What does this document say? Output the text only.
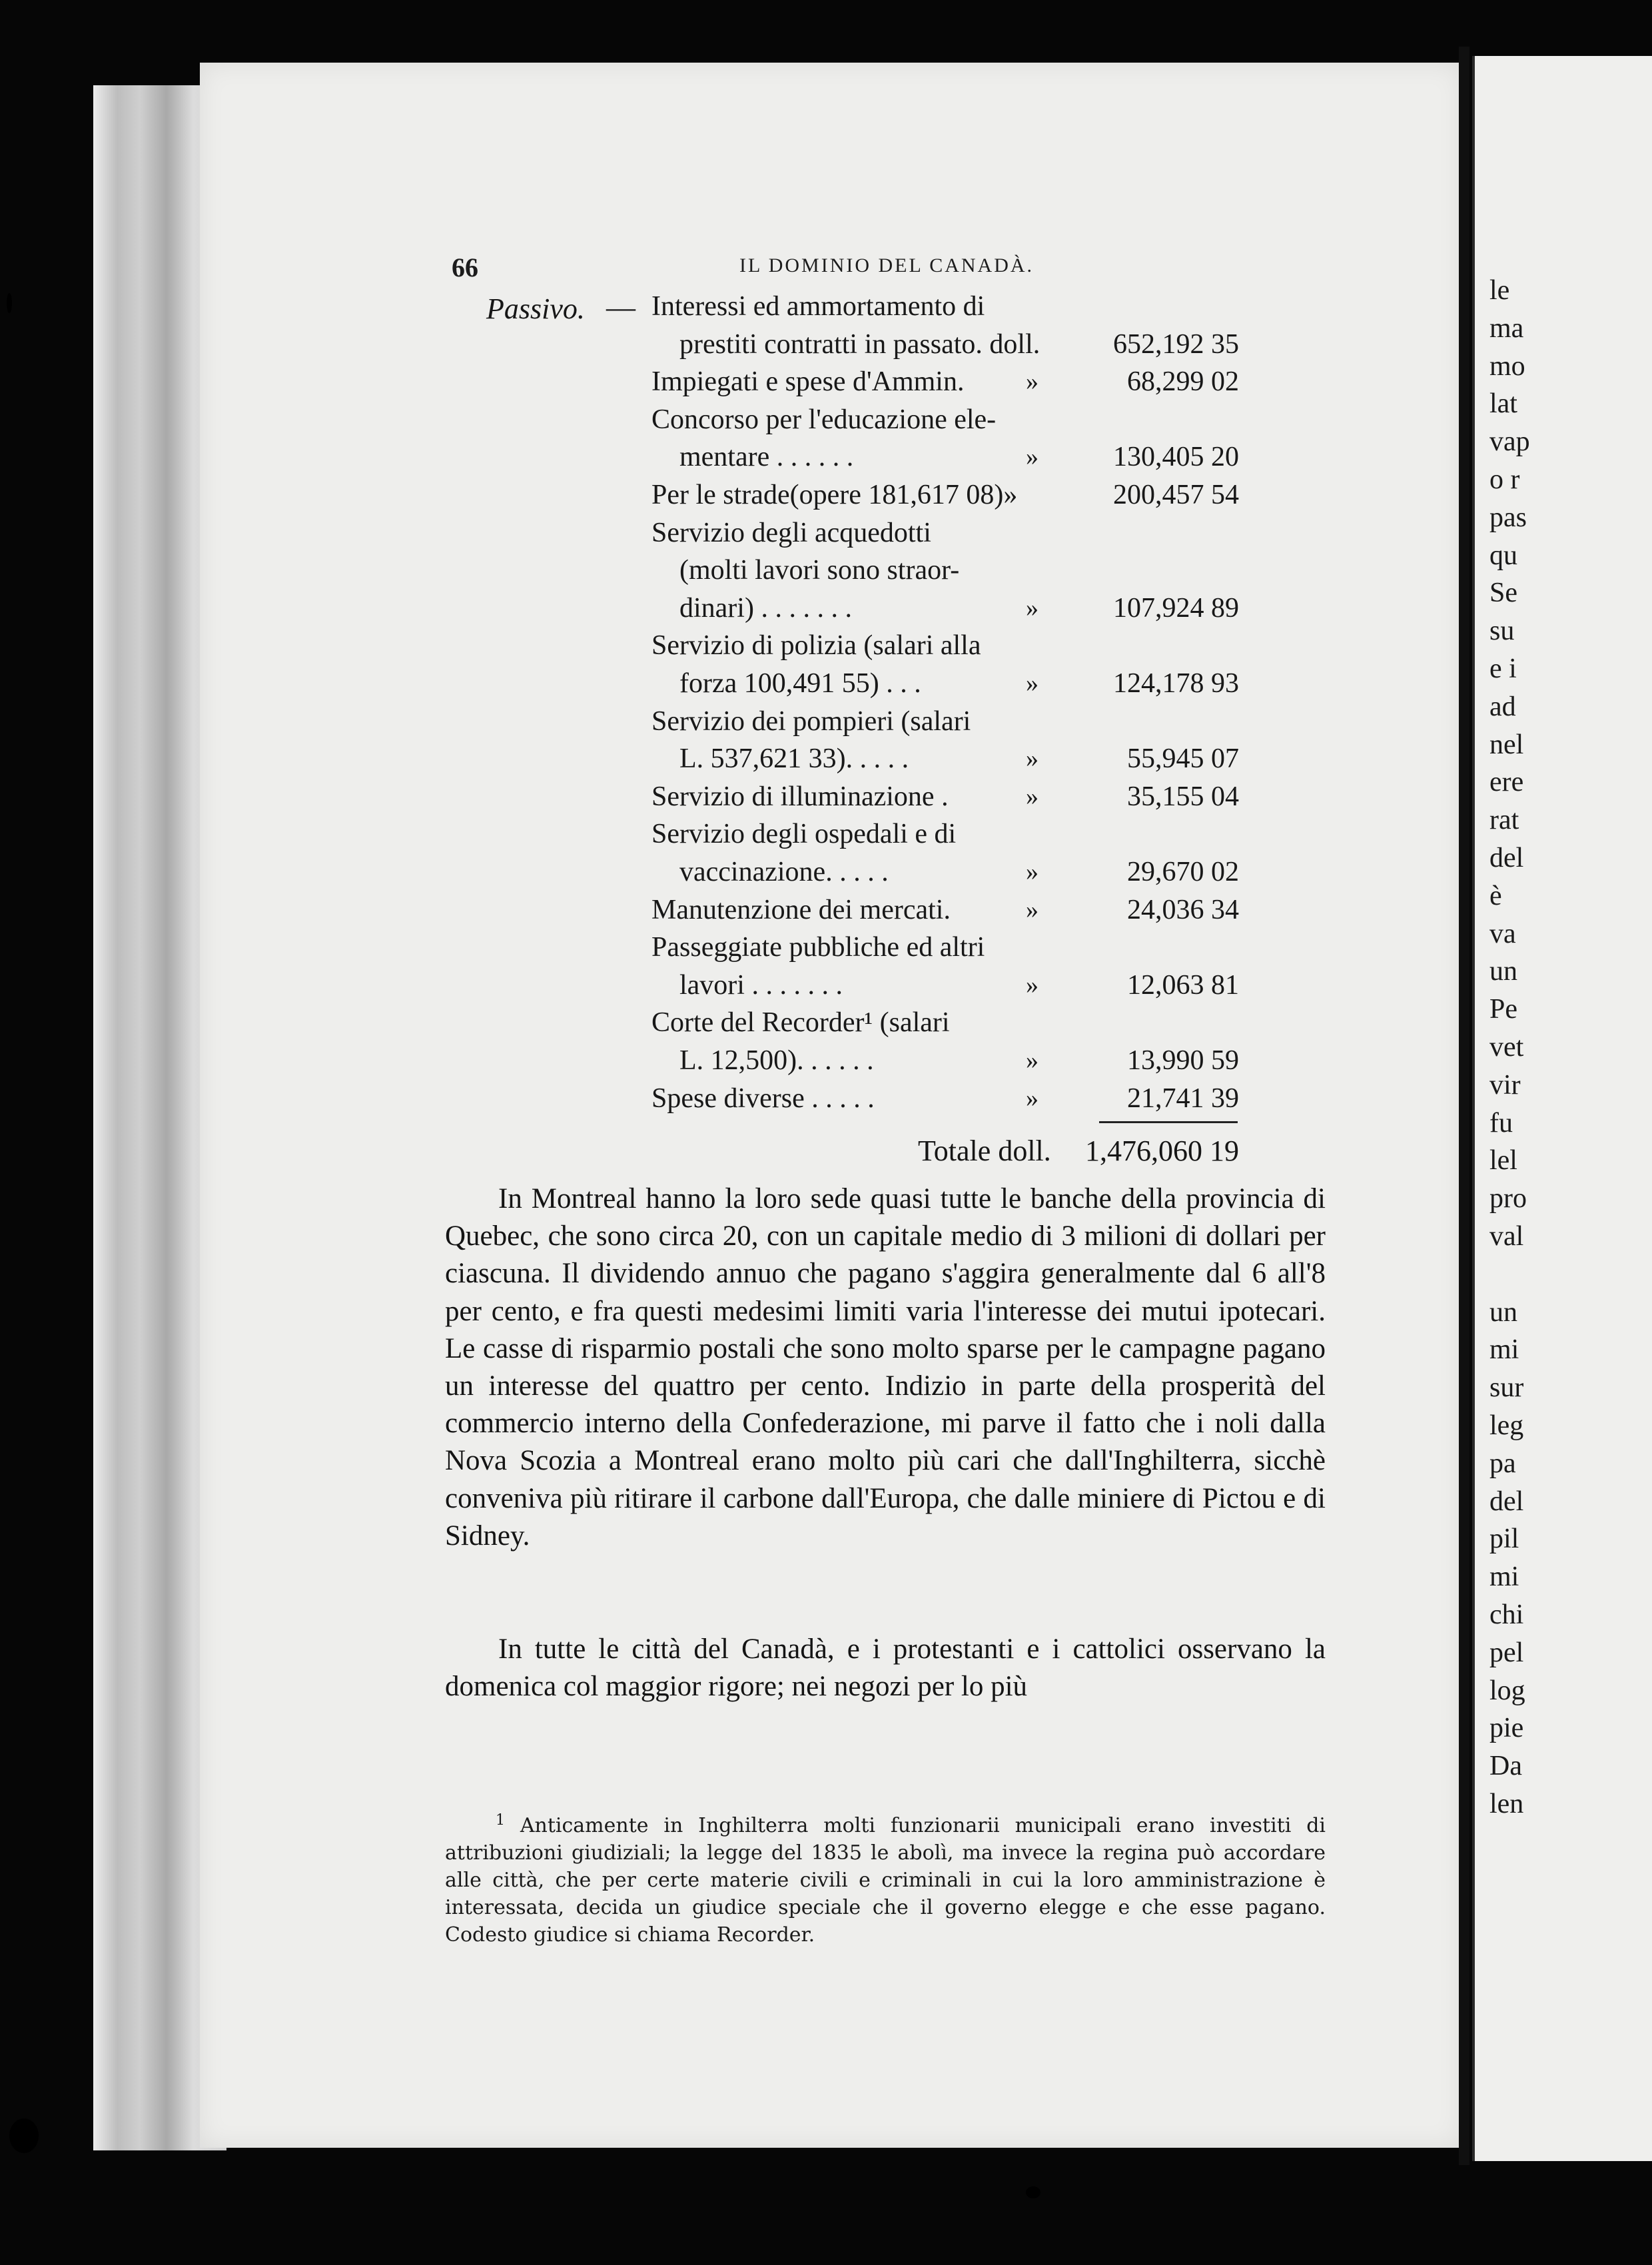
le
ma
mo
lat
vap
o r
pas
qu
Se
su
e i
ad
nel
ere
rat
del
è
va
un
Pe
vet
vir
fu
lel
pro
val
un
mi
sur
leg
pa
del
pil
mi
chi
pel
log
pie
Da
len
66	IL DOMINIO DEL CANADÀ.
Passivo. — Interessi ed ammortamento di
prestiti contratti in passato. doll.	652,192 35
Impiegati e spese d'Ammin. »	68,299 02
Concorso per l'educazione ele-
mentare . . . . . .	»	130,405 20
Per le strade(opere 181,617 08)»	200,457 54
Servizio degli acquedotti
(molti lavori sono straor-
dinari) . . . . . . .	»	107,924 89
Servizio di polizia (salari alla
forza 100,491 55) . . .	»	124,178 93
Servizio dei pompieri (salari
L. 537,621 33). . . . .	»	55,945 07
Servizio di illuminazione .	»	35,155 04
Servizio degli ospedali e di
vaccinazione. . . . .	»	29,670 02
Manutenzione dei mercati.	»	24,036 34
Passeggiate pubbliche ed altri
lavori . . . . . . .	»	12,063 81
Corte del Recorder¹ (salari
L. 12,500). . . . . .	»	13,990 59
Spese diverse . . . . .	»	21,741 39
Totale doll. 1,476,060 19
In Montreal hanno la loro sede quasi tutte le banche della provincia di Quebec, che sono circa 20, con un capitale medio di 3 milioni di dollari per ciascuna. Il dividendo annuo che pagano s'aggira generalmente dal 6 all'8 per cento, e fra questi medesimi limiti varia l'interesse dei mutui ipotecari. Le casse di risparmio postali che sono molto sparse per le campagne pagano un interesse del quattro per cento. Indizio in parte della prosperità del commercio interno della Confederazione, mi parve il fatto che i noli dalla Nova Scozia a Montreal erano molto più cari che dall'Inghilterra, sicchè conveniva più ritirare il carbone dall'Europa, che dalle miniere di Pictou e di Sidney.
In tutte le città del Canadà, e i protestanti e i cattolici osservano la domenica col maggior rigore; nei negozi per lo più
$^1$ Anticamente in Inghilterra molti funzionarii municipali erano investiti di attribuzioni giudiziali; la legge del 1835 le abolì, ma invece la regina può accordare alle città, che per certe materie civili e criminali in cui la loro amministrazione è interessata, decida un giudice speciale che il governo elegge e che esse pagano. Codesto giudice si chiama Recorder.
